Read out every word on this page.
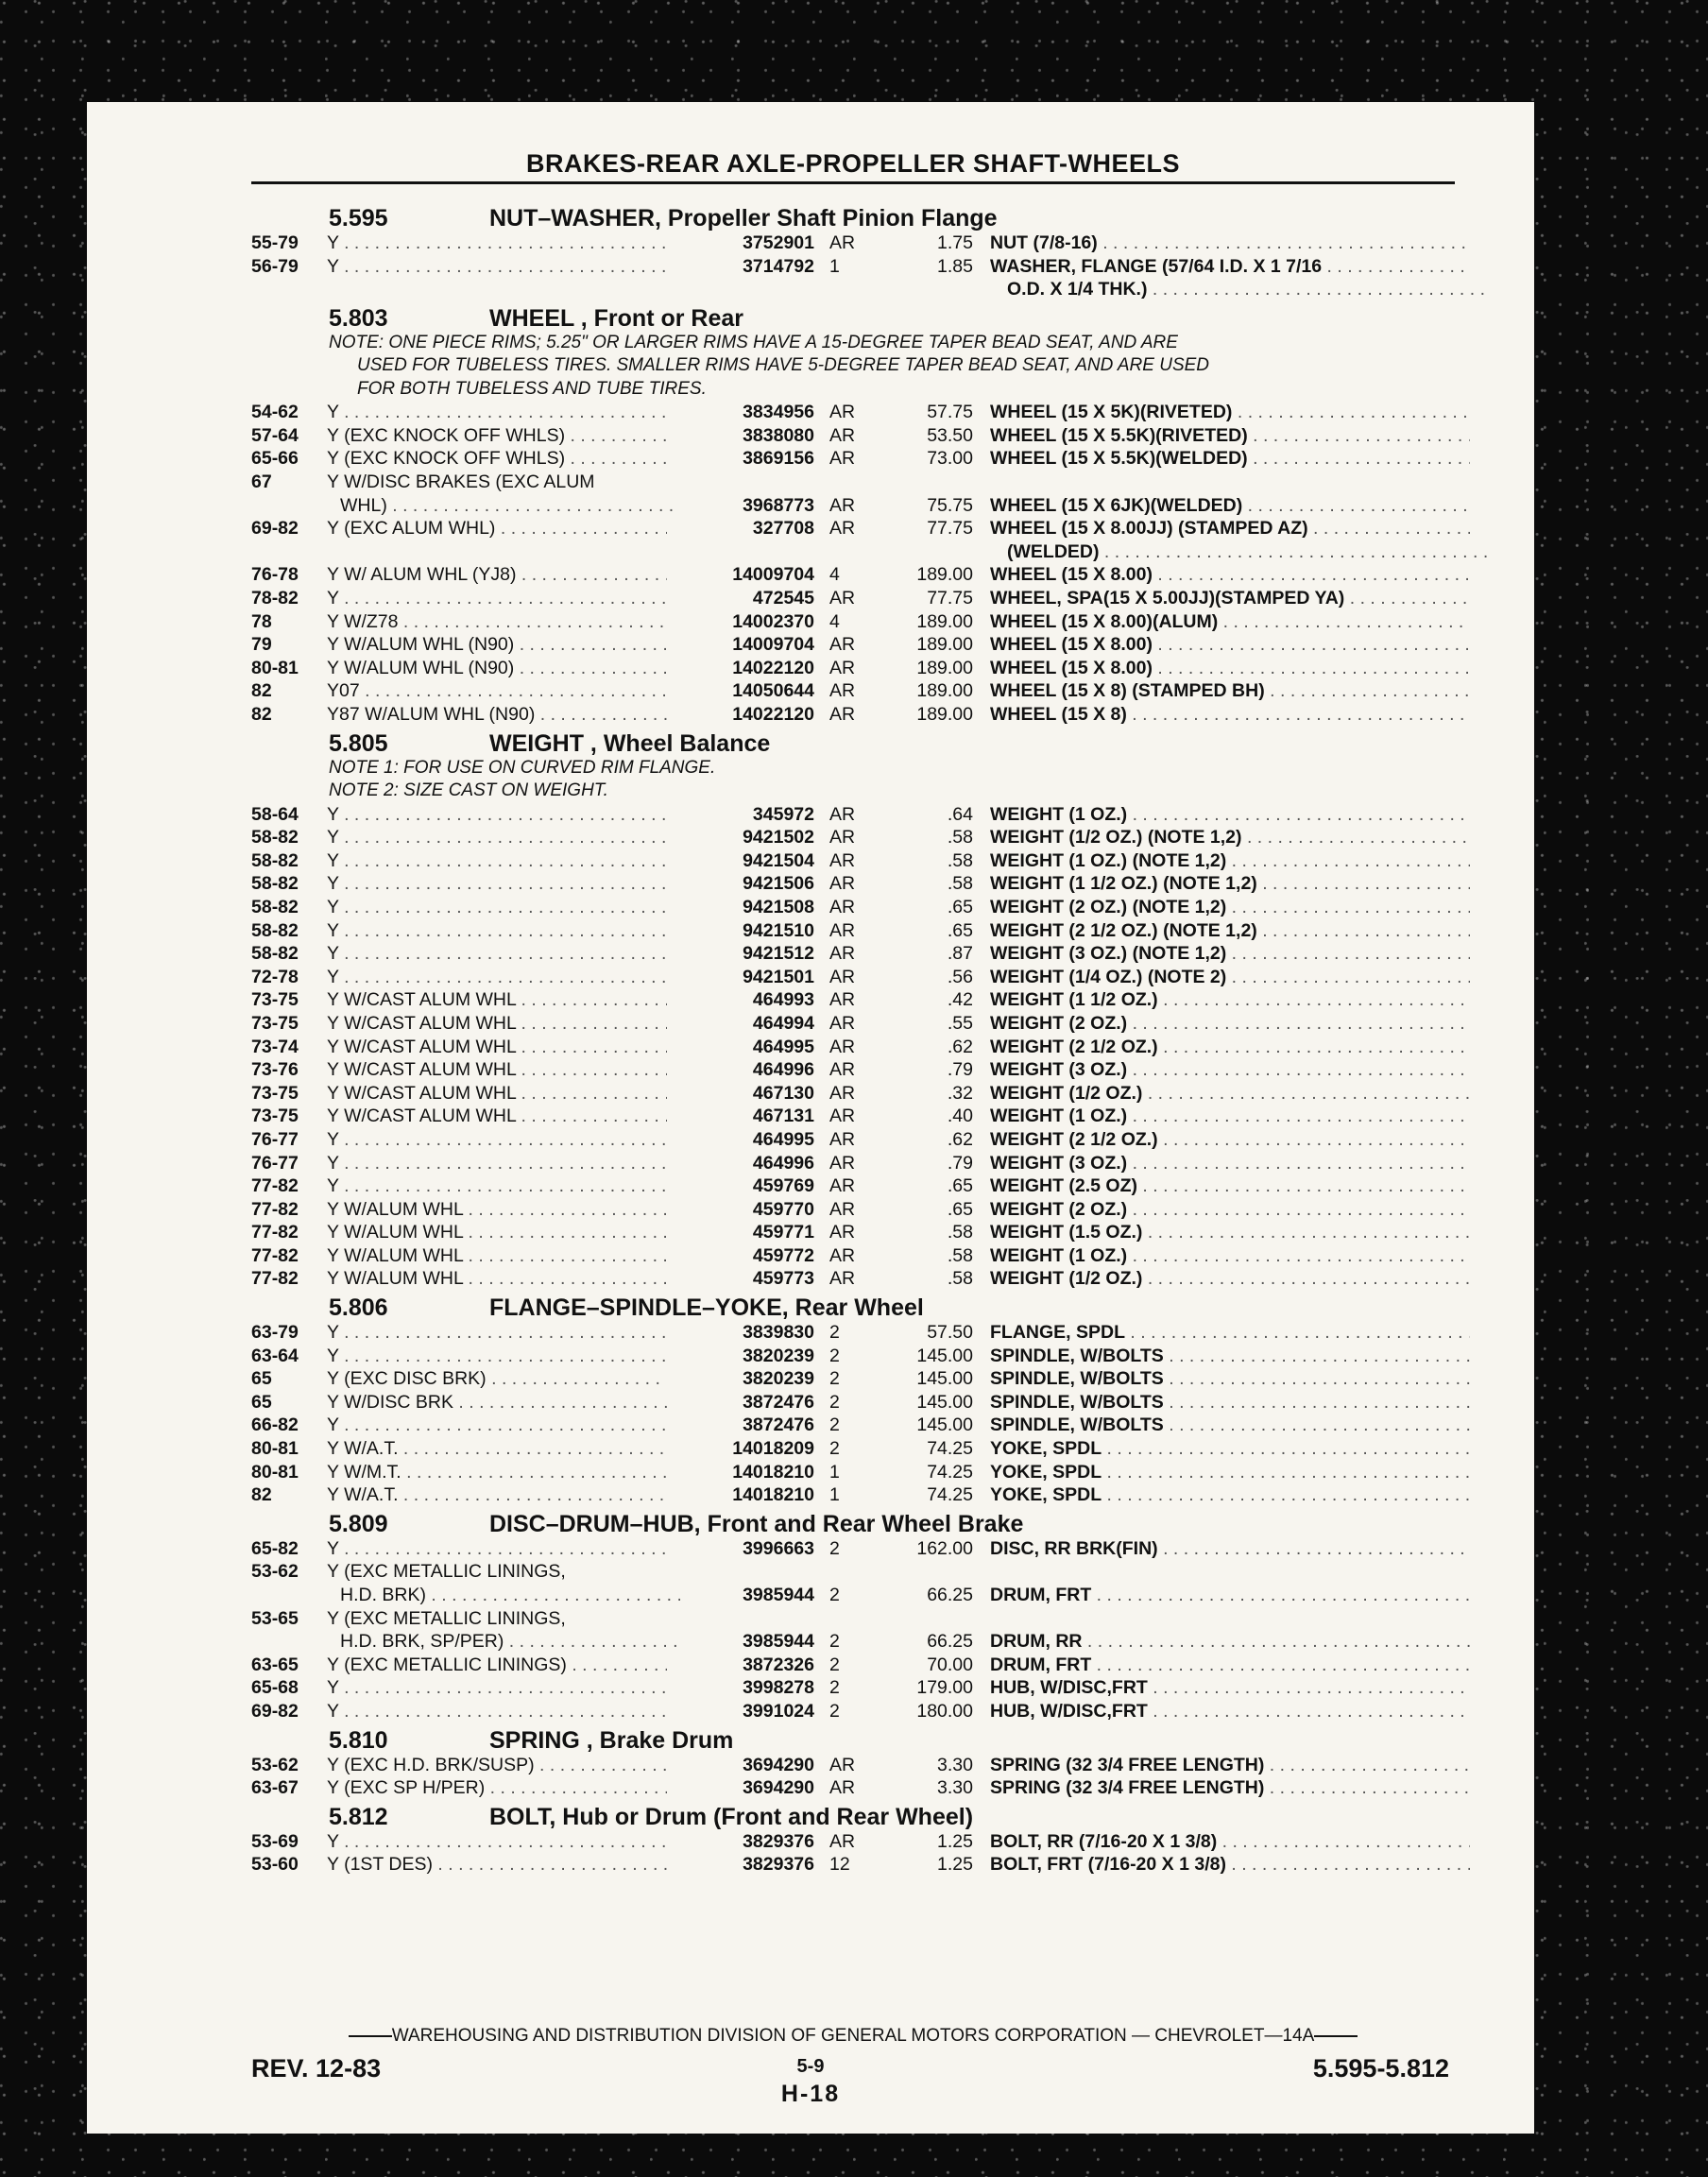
BRAKES-REAR AXLE-PROPELLER SHAFT-WHEELS
5.595	NUT–WASHER, Propeller Shaft Pinion Flange
55-79 Y . . .	3752901 AR	1.75 NUT (7/8-16) . . .
56-79 Y . . .	3714792 1	1.85 WASHER, FLANGE (57/64 I.D. X 1 7/16 . . .
O.D. X 1/4 THK.) . . .
5.803	WHEEL , Front or Rear
NOTE: ONE PIECE RIMS; 5.25" OR LARGER RIMS HAVE A 15-DEGREE TAPER BEAD SEAT, AND ARE
USED FOR TUBELESS TIRES. SMALLER RIMS HAVE 5-DEGREE TAPER BEAD SEAT, AND ARE USED
FOR BOTH TUBELESS AND TUBE TIRES.
54-62 Y . . .	3834956 AR	57.75 WHEEL (15 X 5K)(RIVETED) . . .
57-64 Y (EXC KNOCK OFF WHLS) . . .	3838080 AR	53.50 WHEEL (15 X 5.5K)(RIVETED) . . .
65-66 Y (EXC KNOCK OFF WHLS) . . .	3869156 AR	73.00 WHEEL (15 X 5.5K)(WELDED) . . .
67	Y W/DISC BRAKES (EXC ALUM
WHL) . . .	3968773 AR	75.75 WHEEL (15 X 6JK)(WELDED) . . .
69-82 Y (EXC ALUM WHL) . . .	327708 AR	77.75 WHEEL (15 X 8.00JJ) (STAMPED AZ) . . .
(WELDED) . . .
76-78 Y W/ ALUM WHL (YJ8) . . .	14009704 4	189.00 WHEEL (15 X 8.00) . . .
78-82 Y . . .	472545 AR	77.75 WHEEL, SPA(15 X 5.00JJ)(STAMPED YA) . . .
78	Y W/Z78 . . .	14002370 4	189.00 WHEEL (15 X 8.00)(ALUM) . . .
79	Y W/ALUM WHL (N90) . . .	14009704 AR	189.00 WHEEL (15 X 8.00) . . .
80-81 Y W/ALUM WHL (N90) . . .	14022120 AR	189.00 WHEEL (15 X 8.00) . . .
82	Y07 . . .	14050644 AR	189.00 WHEEL (15 X 8) (STAMPED BH) . . .
82	Y87 W/ALUM WHL (N90) . . .	14022120 AR	189.00 WHEEL (15 X 8) . . .
5.805	WEIGHT , Wheel Balance
NOTE 1: FOR USE ON CURVED RIM FLANGE.
NOTE 2: SIZE CAST ON WEIGHT.
58-64 Y . . .	345972 AR	.64 WEIGHT (1 OZ.) . . .
58-82 Y . . .	9421502 AR	.58 WEIGHT (1/2 OZ.) (NOTE 1,2) . . .
58-82 Y . . .	9421504 AR	.58 WEIGHT (1 OZ.) (NOTE 1,2) . . .
58-82 Y . . .	9421506 AR	.58 WEIGHT (1 1/2 OZ.) (NOTE 1,2) . . .
58-82 Y . . .	9421508 AR	.65 WEIGHT (2 OZ.) (NOTE 1,2) . . .
58-82 Y . . .	9421510 AR	.65 WEIGHT (2 1/2 OZ.) (NOTE 1,2) . . .
58-82 Y . . .	9421512 AR	.87 WEIGHT (3 OZ.) (NOTE 1,2) . . .
72-78 Y . . .	9421501 AR	.56 WEIGHT (1/4 OZ.) (NOTE 2) . . .
73-75 Y W/CAST ALUM WHL . . .	464993 AR	.42 WEIGHT (1 1/2 OZ.) . . .
73-75 Y W/CAST ALUM WHL . . .	464994 AR	.55 WEIGHT (2 OZ.) . . .
73-74 Y W/CAST ALUM WHL . . .	464995 AR	.62 WEIGHT (2 1/2 OZ.) . . .
73-76 Y W/CAST ALUM WHL . . .	464996 AR	.79 WEIGHT (3 OZ.) . . .
73-75 Y W/CAST ALUM WHL . . .	467130 AR	.32 WEIGHT (1/2 OZ.) . . .
73-75 Y W/CAST ALUM WHL . . .	467131 AR	.40 WEIGHT (1 OZ.) . . .
76-77 Y . . .	464995 AR	.62 WEIGHT (2 1/2 OZ.) . . .
76-77 Y . . .	464996 AR	.79 WEIGHT (3 OZ.) . . .
77-82 Y . . .	459769 AR	.65 WEIGHT (2.5 OZ) . . .
77-82 Y W/ALUM WHL . . .	459770 AR	.65 WEIGHT (2 OZ.) . . .
77-82 Y W/ALUM WHL . . .	459771 AR	.58 WEIGHT (1.5 OZ.) . . .
77-82 Y W/ALUM WHL . . .	459772 AR	.58 WEIGHT (1 OZ.) . . .
77-82 Y W/ALUM WHL . . .	459773 AR	.58 WEIGHT (1/2 OZ.) . . .
5.806	FLANGE–SPINDLE–YOKE, Rear Wheel
63-79 Y . . .	3839830 2	57.50 FLANGE, SPDL . . .
63-64 Y . . .	3820239 2	145.00 SPINDLE, W/BOLTS . . .
65	Y (EXC DISC BRK) . . .	3820239 2	145.00 SPINDLE, W/BOLTS . . .
65	Y W/DISC BRK . . .	3872476 2	145.00 SPINDLE, W/BOLTS . . .
66-82 Y . . .	3872476 2	145.00 SPINDLE, W/BOLTS . . .
80-81 Y W/A.T. . . .	14018209 2	74.25 YOKE, SPDL . . .
80-81 Y W/M.T. . . .	14018210 1	74.25 YOKE, SPDL . . .
82	Y W/A.T. . . .	14018210 1	74.25 YOKE, SPDL . . .
5.809	DISC–DRUM–HUB, Front and Rear Wheel Brake
65-82 Y . . .	3996663 2	162.00 DISC, RR BRK(FIN) . . .
53-62 Y (EXC METALLIC LININGS,
H.D. BRK) . . .	3985944 2	66.25 DRUM, FRT . . .
53-65 Y (EXC METALLIC LININGS,
H.D. BRK, SP/PER) . . .	3985944 2	66.25 DRUM, RR . . .
63-65 Y (EXC METALLIC LININGS) . . .	3872326 2	70.00 DRUM, FRT . . .
65-68 Y . . .	3998278 2	179.00 HUB, W/DISC,FRT . . .
69-82 Y . . .	3991024 2	180.00 HUB, W/DISC,FRT . . .
5.810	SPRING , Brake Drum
53-62 Y (EXC H.D. BRK/SUSP) . . .	3694290 AR	3.30 SPRING (32 3/4 FREE LENGTH) . . .
63-67 Y (EXC SP H/PER) . . .	3694290 AR	3.30 SPRING (32 3/4 FREE LENGTH) . . .
5.812	BOLT, Hub or Drum (Front and Rear Wheel)
53-69 Y . . .	3829376 AR	1.25 BOLT, RR (7/16-20 X 1 3/8) . . .
53-60 Y (1ST DES) . . .	3829376 12	1.25 BOLT, FRT (7/16-20 X 1 3/8) . . .
WAREHOUSING AND DISTRIBUTION DIVISION OF GENERAL MOTORS CORPORATION — CHEVROLET—14A
REV. 12-83	5-9	5.595-5.812
H-18
